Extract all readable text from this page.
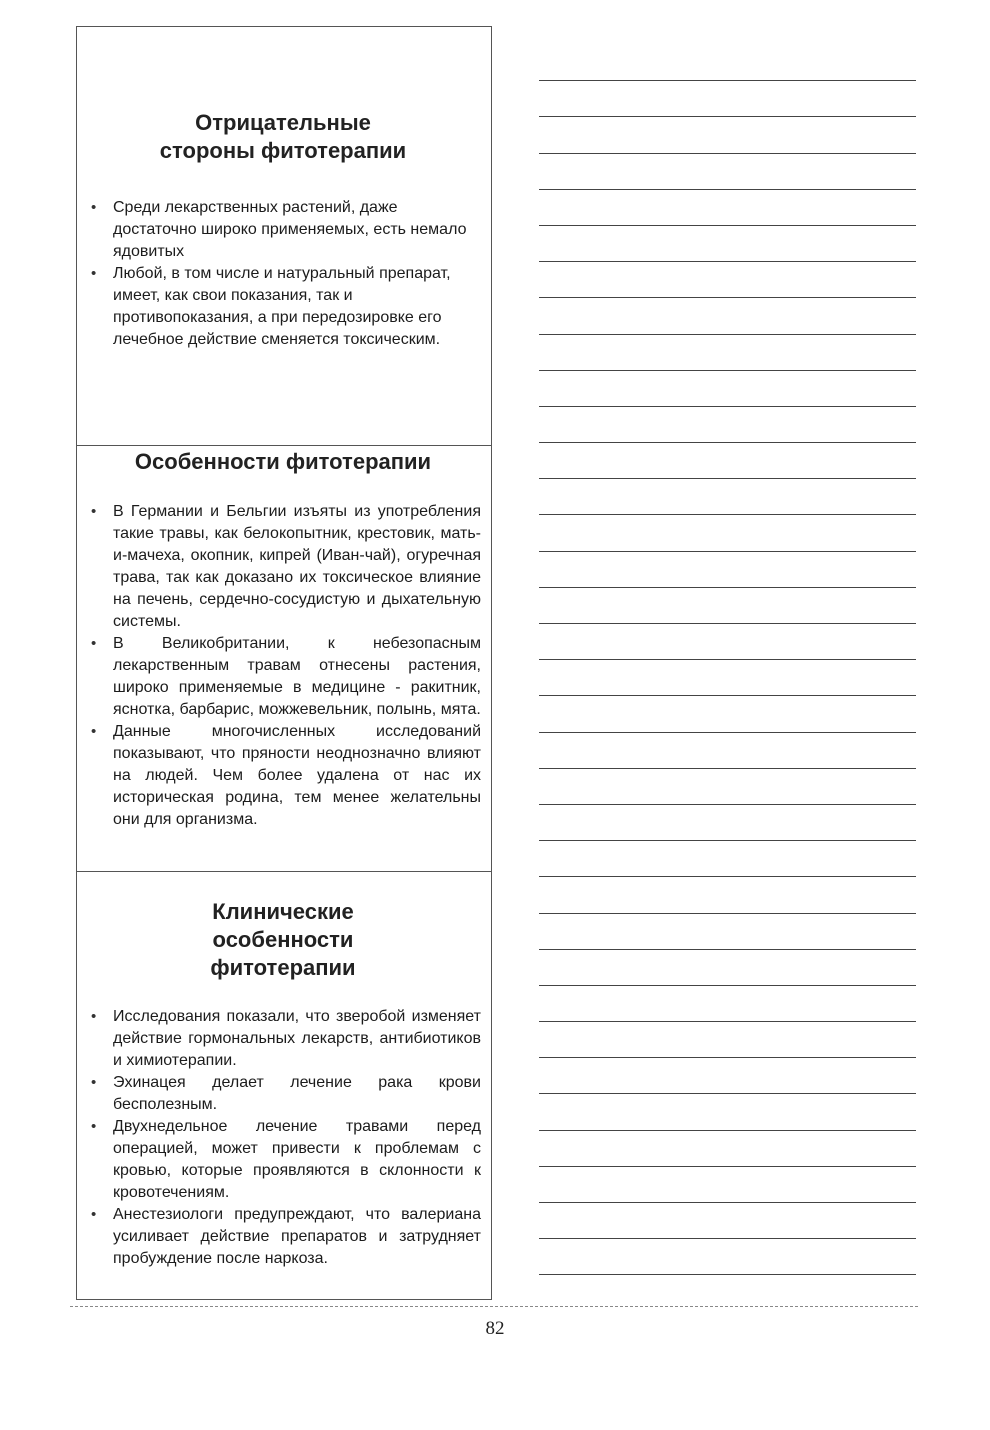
Отрицательные стороны фитотерапии
• Среди лекарственных растений, даже достаточно широко применяемых, есть немало ядовитых
• Любой, в том числе и натуральный препарат, имеет, как свои показания, так и противопоказания, а при передозировке его лечебное действие сменяется токсическим.
Особенности фитотерапии
• В Германии и Бельгии изъяты из употребления такие травы, как белокопытник, крестовик, мать-и-мачеха, окопник, кипрей (Иван-чай), огуречная трава, так как доказано их токсическое влияние на печень, сердечно-сосудистую и дыхательную системы.
• В Великобритании, к небезопасным лекарственным травам отнесены растения, широко применяемые в медицине - ракитник, яснотка, барбарис, можжевельник, полынь, мята.
• Данные многочисленных исследований показывают, что пряности неоднозначно влияют на людей. Чем более удалена от нас их историческая родина, тем менее желательны они для организма.
Клинические особенности фитотерапии
• Исследования показали, что зверобой изменяет действие гормональных лекарств, антибиотиков и химиотерапии.
• Эхинацея делает лечение рака крови бесполезным.
• Двухнедельное лечение травами перед операцией, может привести к проблемам с кровью, которые проявляются в склонности к кровотечениям.
• Анестезиологи предупреждают, что валериана усиливает действие препаратов и затрудняет пробуждение после наркоза.
82
